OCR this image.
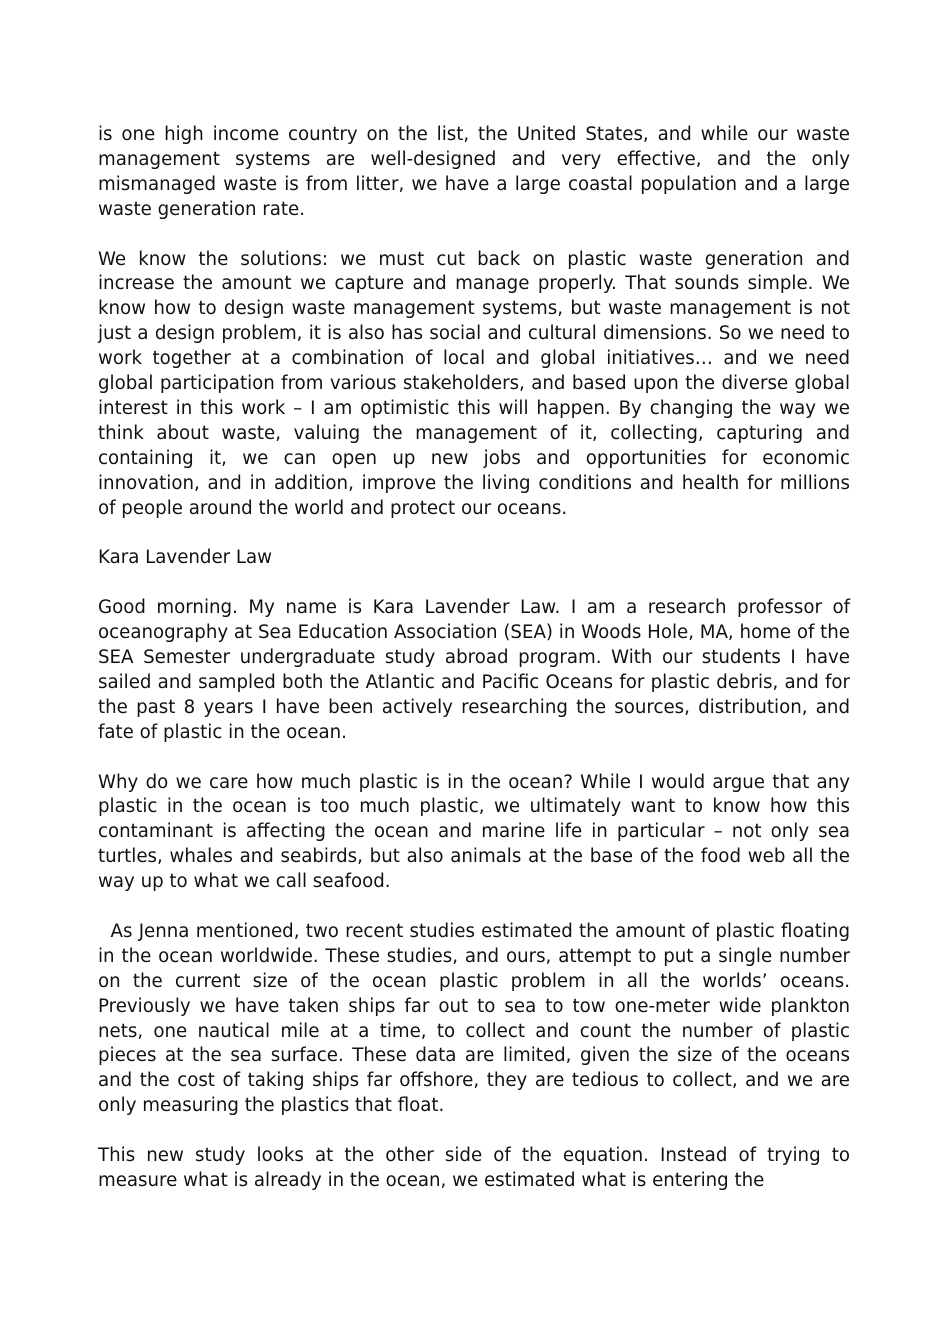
is one high income country on the list, the United States, and while our waste management systems are well-designed and very effective, and the only mismanaged waste is from litter, we have a large coastal population and a large waste generation rate.

We know the solutions: we must cut back on plastic waste generation and increase the amount we capture and manage properly. That sounds simple. We know how to design waste management systems, but waste management is not just a design problem, it is also has social and cultural dimensions. So we need to work together at a combination of local and global initiatives… and we need global participation from various stakeholders, and based upon the diverse global interest in this work – I am optimistic this will happen. By changing the way we think about waste, valuing the management of it, collecting, capturing and containing it, we can open up new jobs and opportunities for economic innovation, and in addition, improve the living conditions and health for millions of people around the world and protect our oceans.

Kara Lavender Law

Good morning. My name is Kara Lavender Law. I am a research professor of oceanography at Sea Education Association (SEA) in Woods Hole, MA, home of the SEA Semester undergraduate study abroad program. With our students I have sailed and sampled both the Atlantic and Pacific Oceans for plastic debris, and for the past 8 years I have been actively researching the sources, distribution, and fate of plastic in the ocean.

Why do we care how much plastic is in the ocean? While I would argue that any plastic in the ocean is too much plastic, we ultimately want to know how this contaminant is affecting the ocean and marine life in particular – not only sea turtles, whales and seabirds, but also animals at the base of the food web all the way up to what we call seafood.

As Jenna mentioned, two recent studies estimated the amount of plastic floating in the ocean worldwide. These studies, and ours, attempt to put a single number on the current size of the ocean plastic problem in all the worlds’ oceans. Previously we have taken ships far out to sea to tow one-meter wide plankton nets, one nautical mile at a time, to collect and count the number of plastic pieces at the sea surface. These data are limited, given the size of the oceans and the cost of taking ships far offshore, they are tedious to collect, and we are only measuring the plastics that float.

This new study looks at the other side of the equation. Instead of trying to measure what is already in the ocean, we estimated what is entering the
